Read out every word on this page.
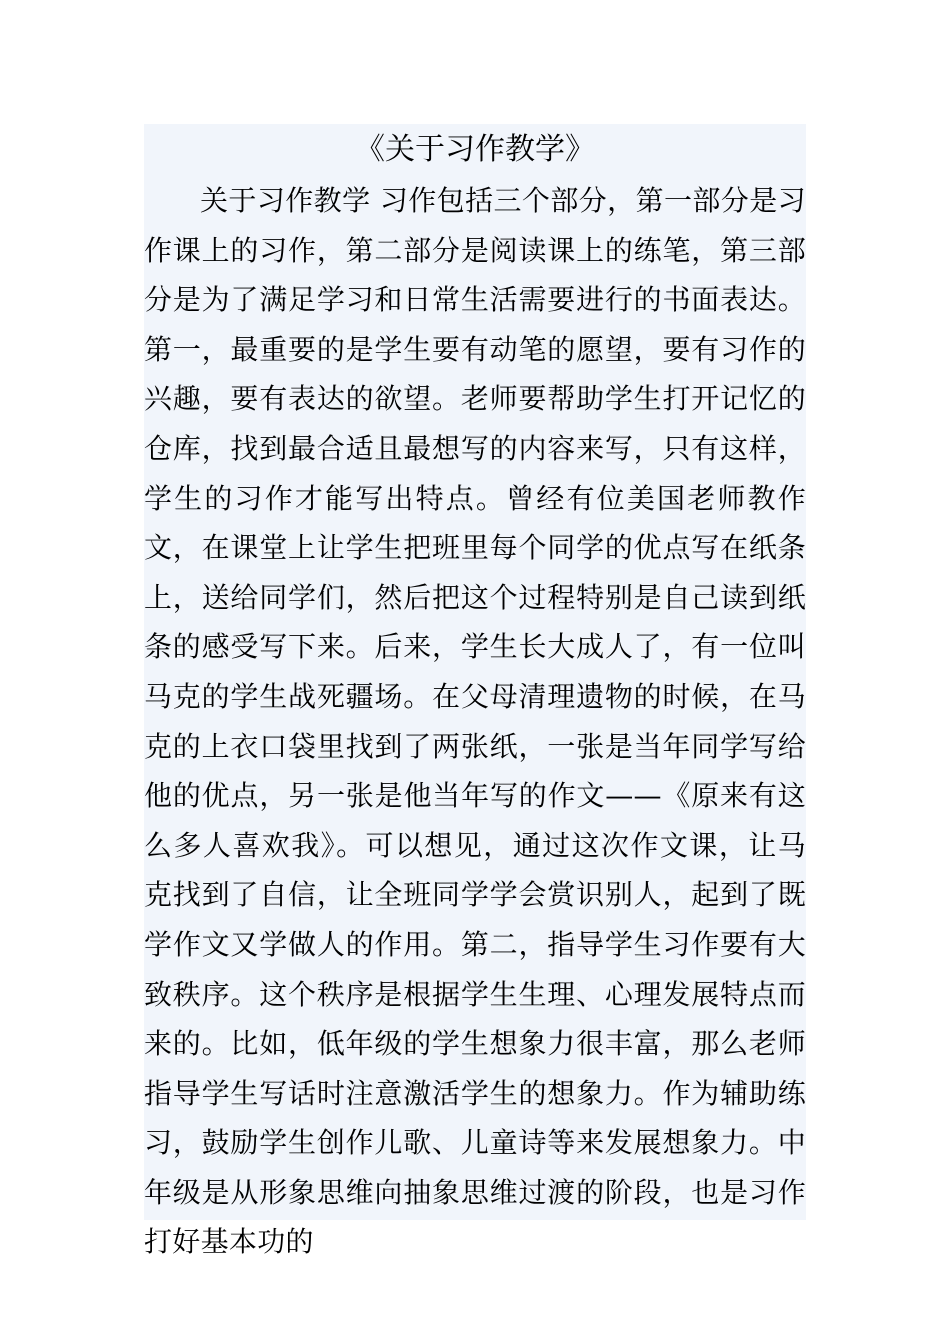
《关于习作教学》

关于习作教学 习作包括三个部分，第一部分是习作课上的习作，第二部分是阅读课上的练笔，第三部分是为了满足学习和日常生活需要进行的书面表达。第一，最重要的是学生要有动笔的愿望，要有习作的兴趣，要有表达的欲望。老师要帮助学生打开记忆的仓库，找到最合适且最想写的内容来写，只有这样，学生的习作才能写出特点。曾经有位美国老师教作文，在课堂上让学生把班里每个同学的优点写在纸条上，送给同学们，然后把这个过程特别是自己读到纸条的感受写下来。后来，学生长大成人了，有一位叫马克的学生战死疆场。在父母清理遗物的时候，在马克的上衣口袋里找到了两张纸，一张是当年同学写给他的优点，另一张是他当年写的作文——《原来有这么多人喜欢我》。可以想见，通过这次作文课，让马克找到了自信，让全班同学学会赏识别人，起到了既学作文又学做人的作用。第二，指导学生习作要有大致秩序。这个秩序是根据学生生理、心理发展特点而来的。比如，低年级的学生想象力很丰富，那么老师指导学生写话时注意激活学生的想象力。作为辅助练习，鼓励学生创作儿歌、儿童诗等来发展想象力。中年级是从形象思维向抽象思维过渡的阶段，也是习作打好基本功的
